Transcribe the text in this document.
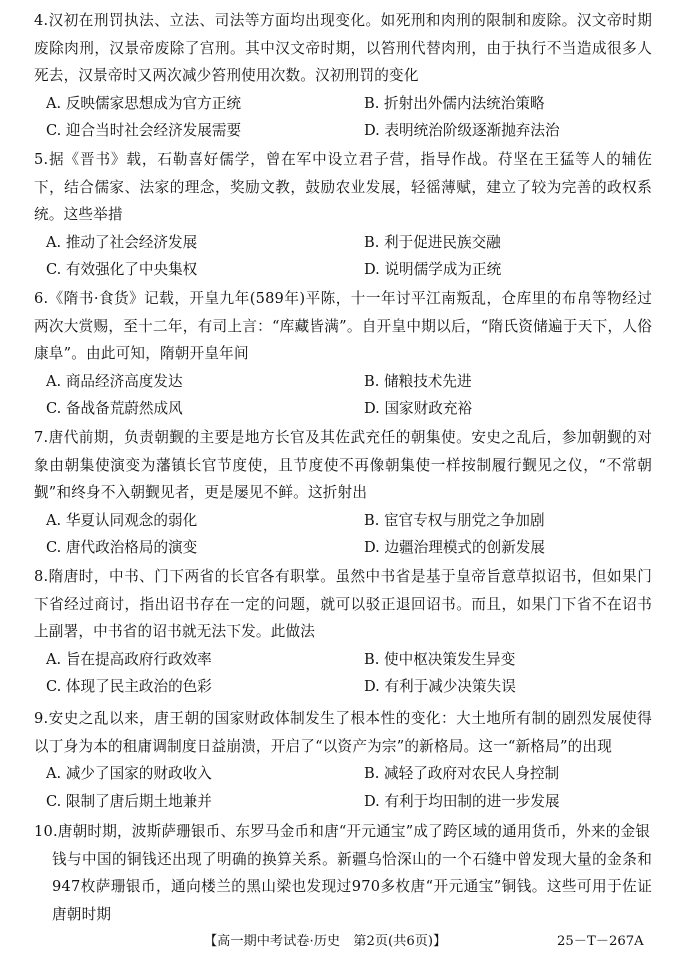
4.汉初在刑罚执法、立法、司法等方面均出现变化。如死刑和肉刑的限制和废除。汉文帝时期废除肉刑，汉景帝废除了宫刑。其中汉文帝时期，以笞刑代替肉刑，由于执行不当造成很多人死去，汉景帝时又两次减少笞刑使用次数。汉初刑罚的变化
A. 反映儒家思想成为官方正统	B. 折射出外儒内法统治策略
C. 迎合当时社会经济发展需要	D. 表明统治阶级逐渐抛弃法治
5.据《晋书》载，石勒喜好儒学，曾在军中设立君子营，指导作战。苻坚在王猛等人的辅佐下，结合儒家、法家的理念，奖励文教，鼓励农业发展，轻徭薄赋，建立了较为完善的政权系统。这些举措
A. 推动了社会经济发展	B. 利于促进民族交融
C. 有效强化了中央集权	D. 说明儒学成为正统
6.《隋书·食货》记载，开皇九年(589年)平陈，十一年讨平江南叛乱，仓库里的布帛等物经过两次大赏赐，至十二年，有司上言：“库藏皆满”。自开皇中期以后，“隋氏资储遍于天下，人俗康阜”。由此可知，隋朝开皇年间
A. 商品经济高度发达	B. 储粮技术先进
C. 备战备荒蔚然成风	D. 国家财政充裕
7.唐代前期，负责朝觐的主要是地方长官及其佐武充任的朝集使。安史之乱后，参加朝觐的对象由朝集使演变为藩镇长官节度使，且节度使不再像朝集使一样按制履行觐见之仪，“不常朝觐”和终身不入朝觐见者，更是屡见不鲜。这折射出
A. 华夏认同观念的弱化	B. 宦官专权与朋党之争加剧
C. 唐代政治格局的演变	D. 边疆治理模式的创新发展
8.隋唐时，中书、门下两省的长官各有职掌。虽然中书省是基于皇帝旨意草拟诏书，但如果门下省经过商讨，指出诏书存在一定的问题，就可以驳正退回诏书。而且，如果门下省不在诏书上副署，中书省的诏书就无法下发。此做法
A. 旨在提高政府行政效率	B. 使中枢决策发生异变
C. 体现了民主政治的色彩	D. 有利于减少决策失误
9.安史之乱以来，唐王朝的国家财政体制发生了根本性的变化：大土地所有制的剧烈发展使得以丁身为本的租庸调制度日益崩溃，开启了“以资产为宗”的新格局。这一“新格局”的出现
A. 减少了国家的财政收入	B. 减轻了政府对农民人身控制
C. 限制了唐后期土地兼并	D. 有利于均田制的进一步发展
10.唐朝时期，波斯萨珊银币、东罗马金币和唐“开元通宝”成了跨区域的通用货币，外来的金银
钱与中国的铜钱还出现了明确的换算关系。新疆乌恰深山的一个石缝中曾发现大量的金条和947枚萨珊银币，通向楼兰的黑山梁也发现过970多枚唐“开元通宝”铜钱。这些可用于佐证唐朝时期
【高一期中考试卷·历史　第2页(共6页)】	25－T－267A
